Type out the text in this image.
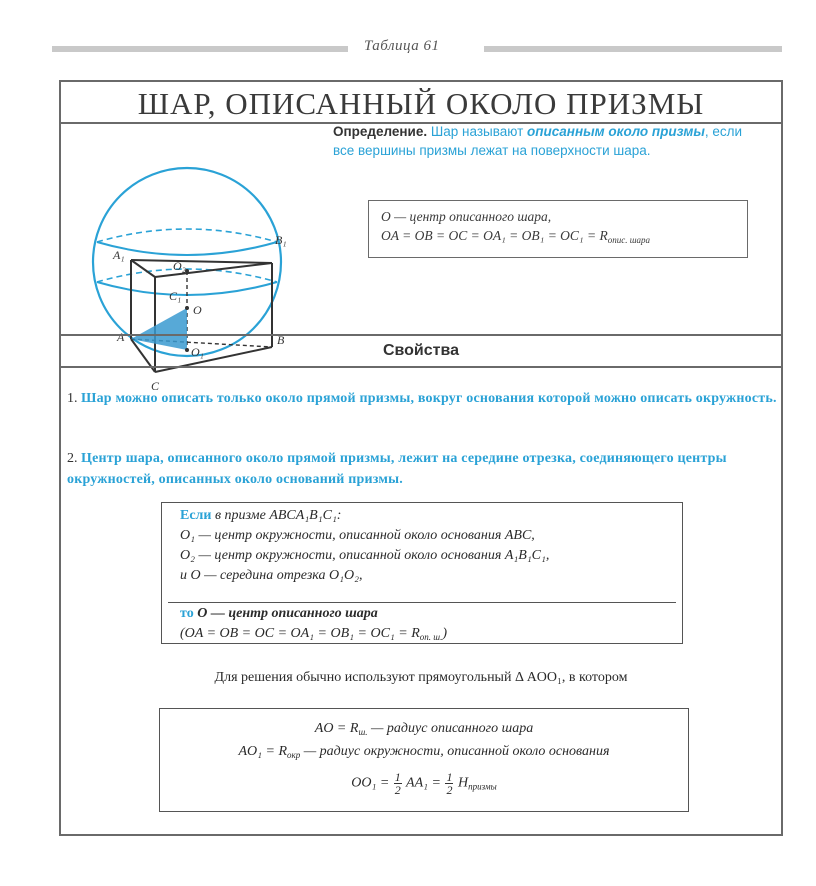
Таблица 61
ШАР, ОПИСАННЫЙ ОКОЛО ПРИЗМЫ
A₁
B₁
O₂
C₁
O
A
O₁
B
C
Определение. Шар называют описанным около призмы, если все вершины призмы лежат на поверхности шара.
O — центр описанного шара,
OA = OB = OC = $OA_1 = OB_1 = OC_1 = R_{опис. шара}$
Свойства
1. Шар можно описать только около прямой призмы, вокруг основания которой можно описать окружность.
2. Центр шара, описанного около прямой призмы, лежит на середине отрезка, соединяющего центры окружностей, описанных около оснований призмы.
Если в призме ABCA₁B₁C₁:
O₁ — центр окружности, описанной около основания ABC,
O₂ — центр окружности, описанной около основания A₁B₁C₁,
и O — середина отрезка O₁O₂,
то O — центр описанного шара
(OA = OB = OC = $OA_1 = OB_1 = OC_1 = R_{оп. ш.}$)
Для решения обычно используют прямоугольный Δ AOO₁, в котором
AO = $R_{ш.}$ — радиус описанного шара
$AO_1 = R_{окр}$ — радиус окружности, описанной около основания
$OO_1 = \frac{1}{2} AA_1 = \frac{1}{2} H_{призмы}$
